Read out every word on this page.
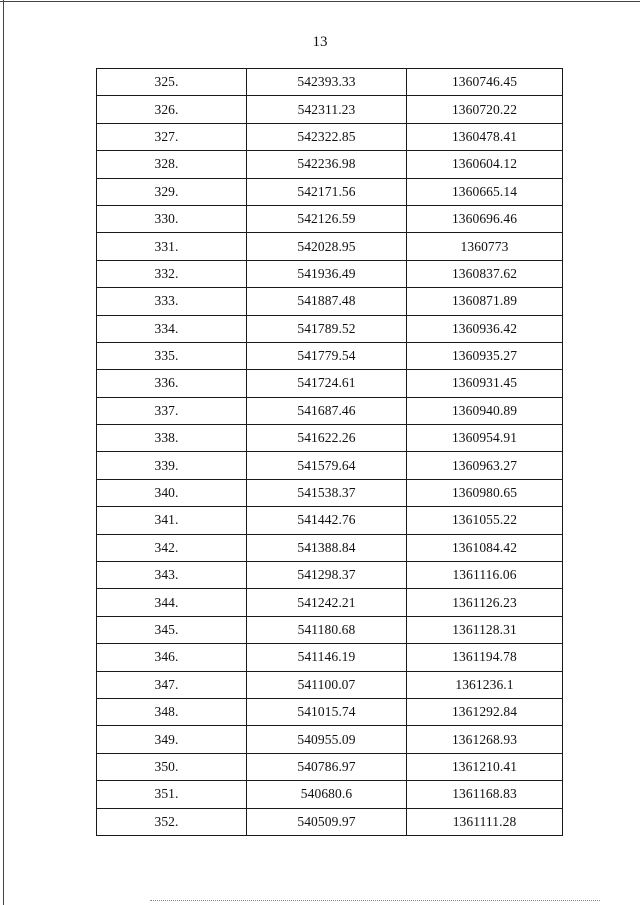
13
325.	542393.33	1360746.45
326.	542311.23	1360720.22
327.	542322.85	1360478.41
328.	542236.98	1360604.12
329.	542171.56	1360665.14
330.	542126.59	1360696.46
331.	542028.95	1360773
332.	541936.49	1360837.62
333.	541887.48	1360871.89
334.	541789.52	1360936.42
335.	541779.54	1360935.27
336.	541724.61	1360931.45
337.	541687.46	1360940.89
338.	541622.26	1360954.91
339.	541579.64	1360963.27
340.	541538.37	1360980.65
341.	541442.76	1361055.22
342.	541388.84	1361084.42
343.	541298.37	1361116.06
344.	541242.21	1361126.23
345.	541180.68	1361128.31
346.	541146.19	1361194.78
347.	541100.07	1361236.1
348.	541015.74	1361292.84
349.	540955.09	1361268.93
350.	540786.97	1361210.41
351.	540680.6	1361168.83
352.	540509.97	1361111.28
